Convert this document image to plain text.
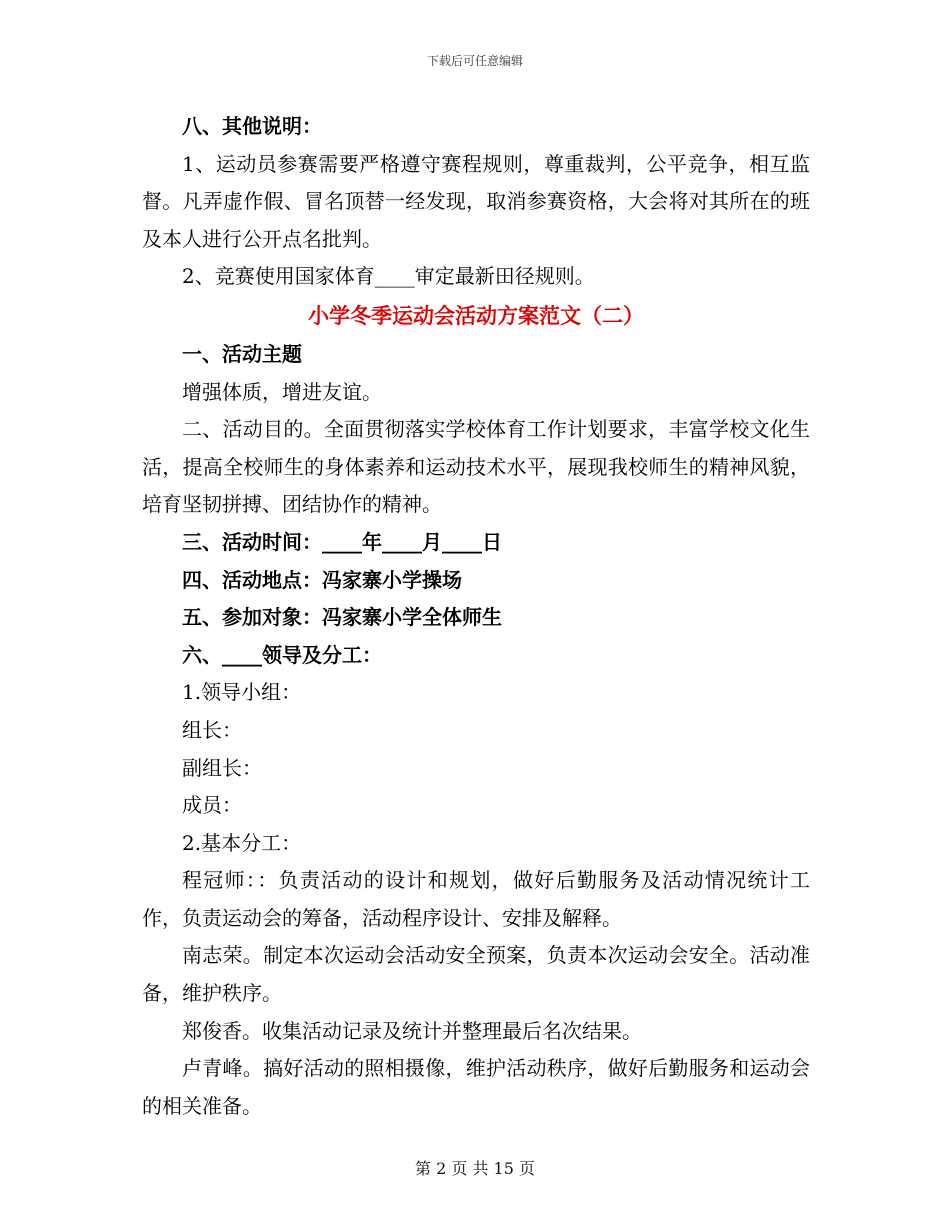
下载后可任意编辑

八、其他说明：

1、运动员参赛需要严格遵守赛程规则，尊重裁判，公平竞争，相互监督。凡弄虚作假、冒名顶替一经发现，取消参赛资格，大会将对其所在的班及本人进行公开点名批判。

2、竞赛使用国家体育____审定最新田径规则。

小学冬季运动会活动方案范文（二）

一、活动主题

增强体质，增进友谊。

二、活动目的。全面贯彻落实学校体育工作计划要求，丰富学校文化生活，提高全校师生的身体素养和运动技术水平，展现我校师生的精神风貌，培育坚韧拼搏、团结协作的精神。

三、活动时间：____年____月____日

四、活动地点：冯家寨小学操场

五、参加对象：冯家寨小学全体师生

六、____领导及分工：

1.领导小组：

组长：

副组长：

成员：

2.基本分工：

程冠师：：负责活动的设计和规划，做好后勤服务及活动情况统计工作，负责运动会的筹备，活动程序设计、安排及解释。

南志荣。制定本次运动会活动安全预案，负责本次运动会安全。活动准备，维护秩序。

郑俊香。收集活动记录及统计并整理最后名次结果。

卢青峰。搞好活动的照相摄像，维护活动秩序，做好后勤服务和运动会的相关准备。

第 2 页 共 15 页
